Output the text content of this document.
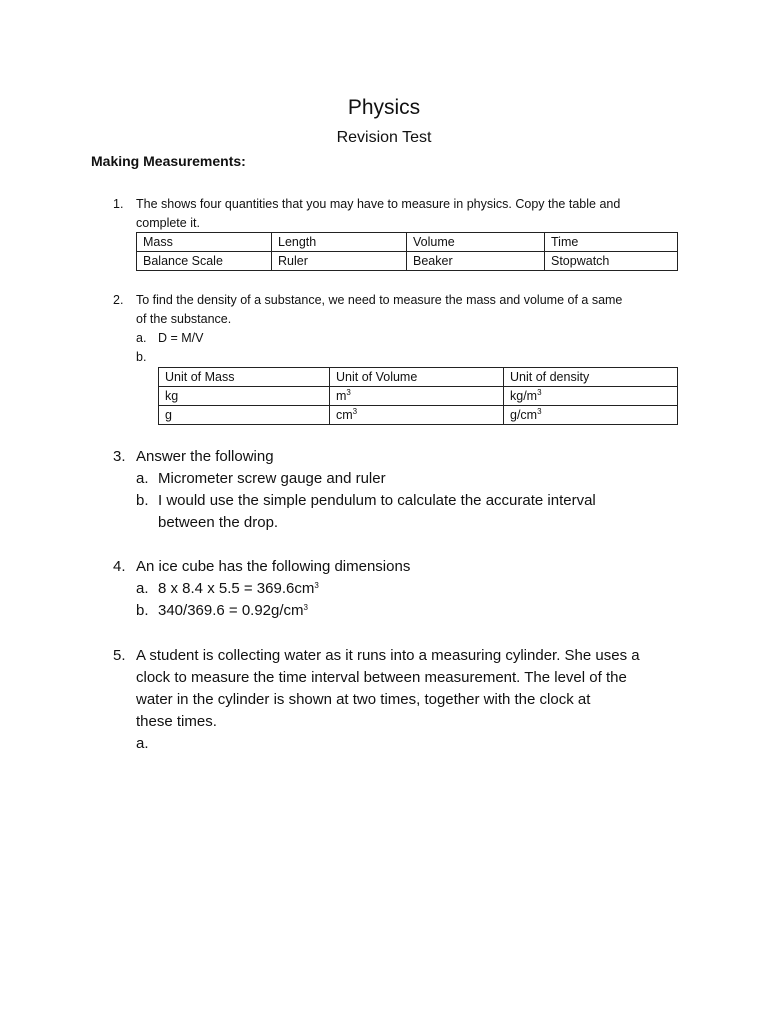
Physics
Revision Test
Making Measurements:
1. The shows four quantities that you may have to measure in physics. Copy the table and
complete it.
Mass	Length	Volume	Time
Balance Scale	Ruler	Beaker	Stopwatch
2. To find the density of a substance, we need to measure the mass and volume of a same
of the substance.
a. D = M/V
b.
Unit of Mass	Unit of Volume	Unit of density
kg	$m^3$	$kg/m^3$
g	$cm^3$	$g/cm^3$
3. Answer the following
a. Micrometer screw gauge and ruler
b. I would use the simple pendulum to calculate the accurate interval
between the drop.
4. An ice cube has the following dimensions
a. 8 x 8.4 x $5.5 = 369.6cm^3$
b. $340/369.6 = 0.92g/cm^3$
5. A student is collecting water as it runs into a measuring cylinder. She uses a
clock to measure the time interval between measurement. The level of the
water in the cylinder is shown at two times, together with the clock at
these times.
a.
